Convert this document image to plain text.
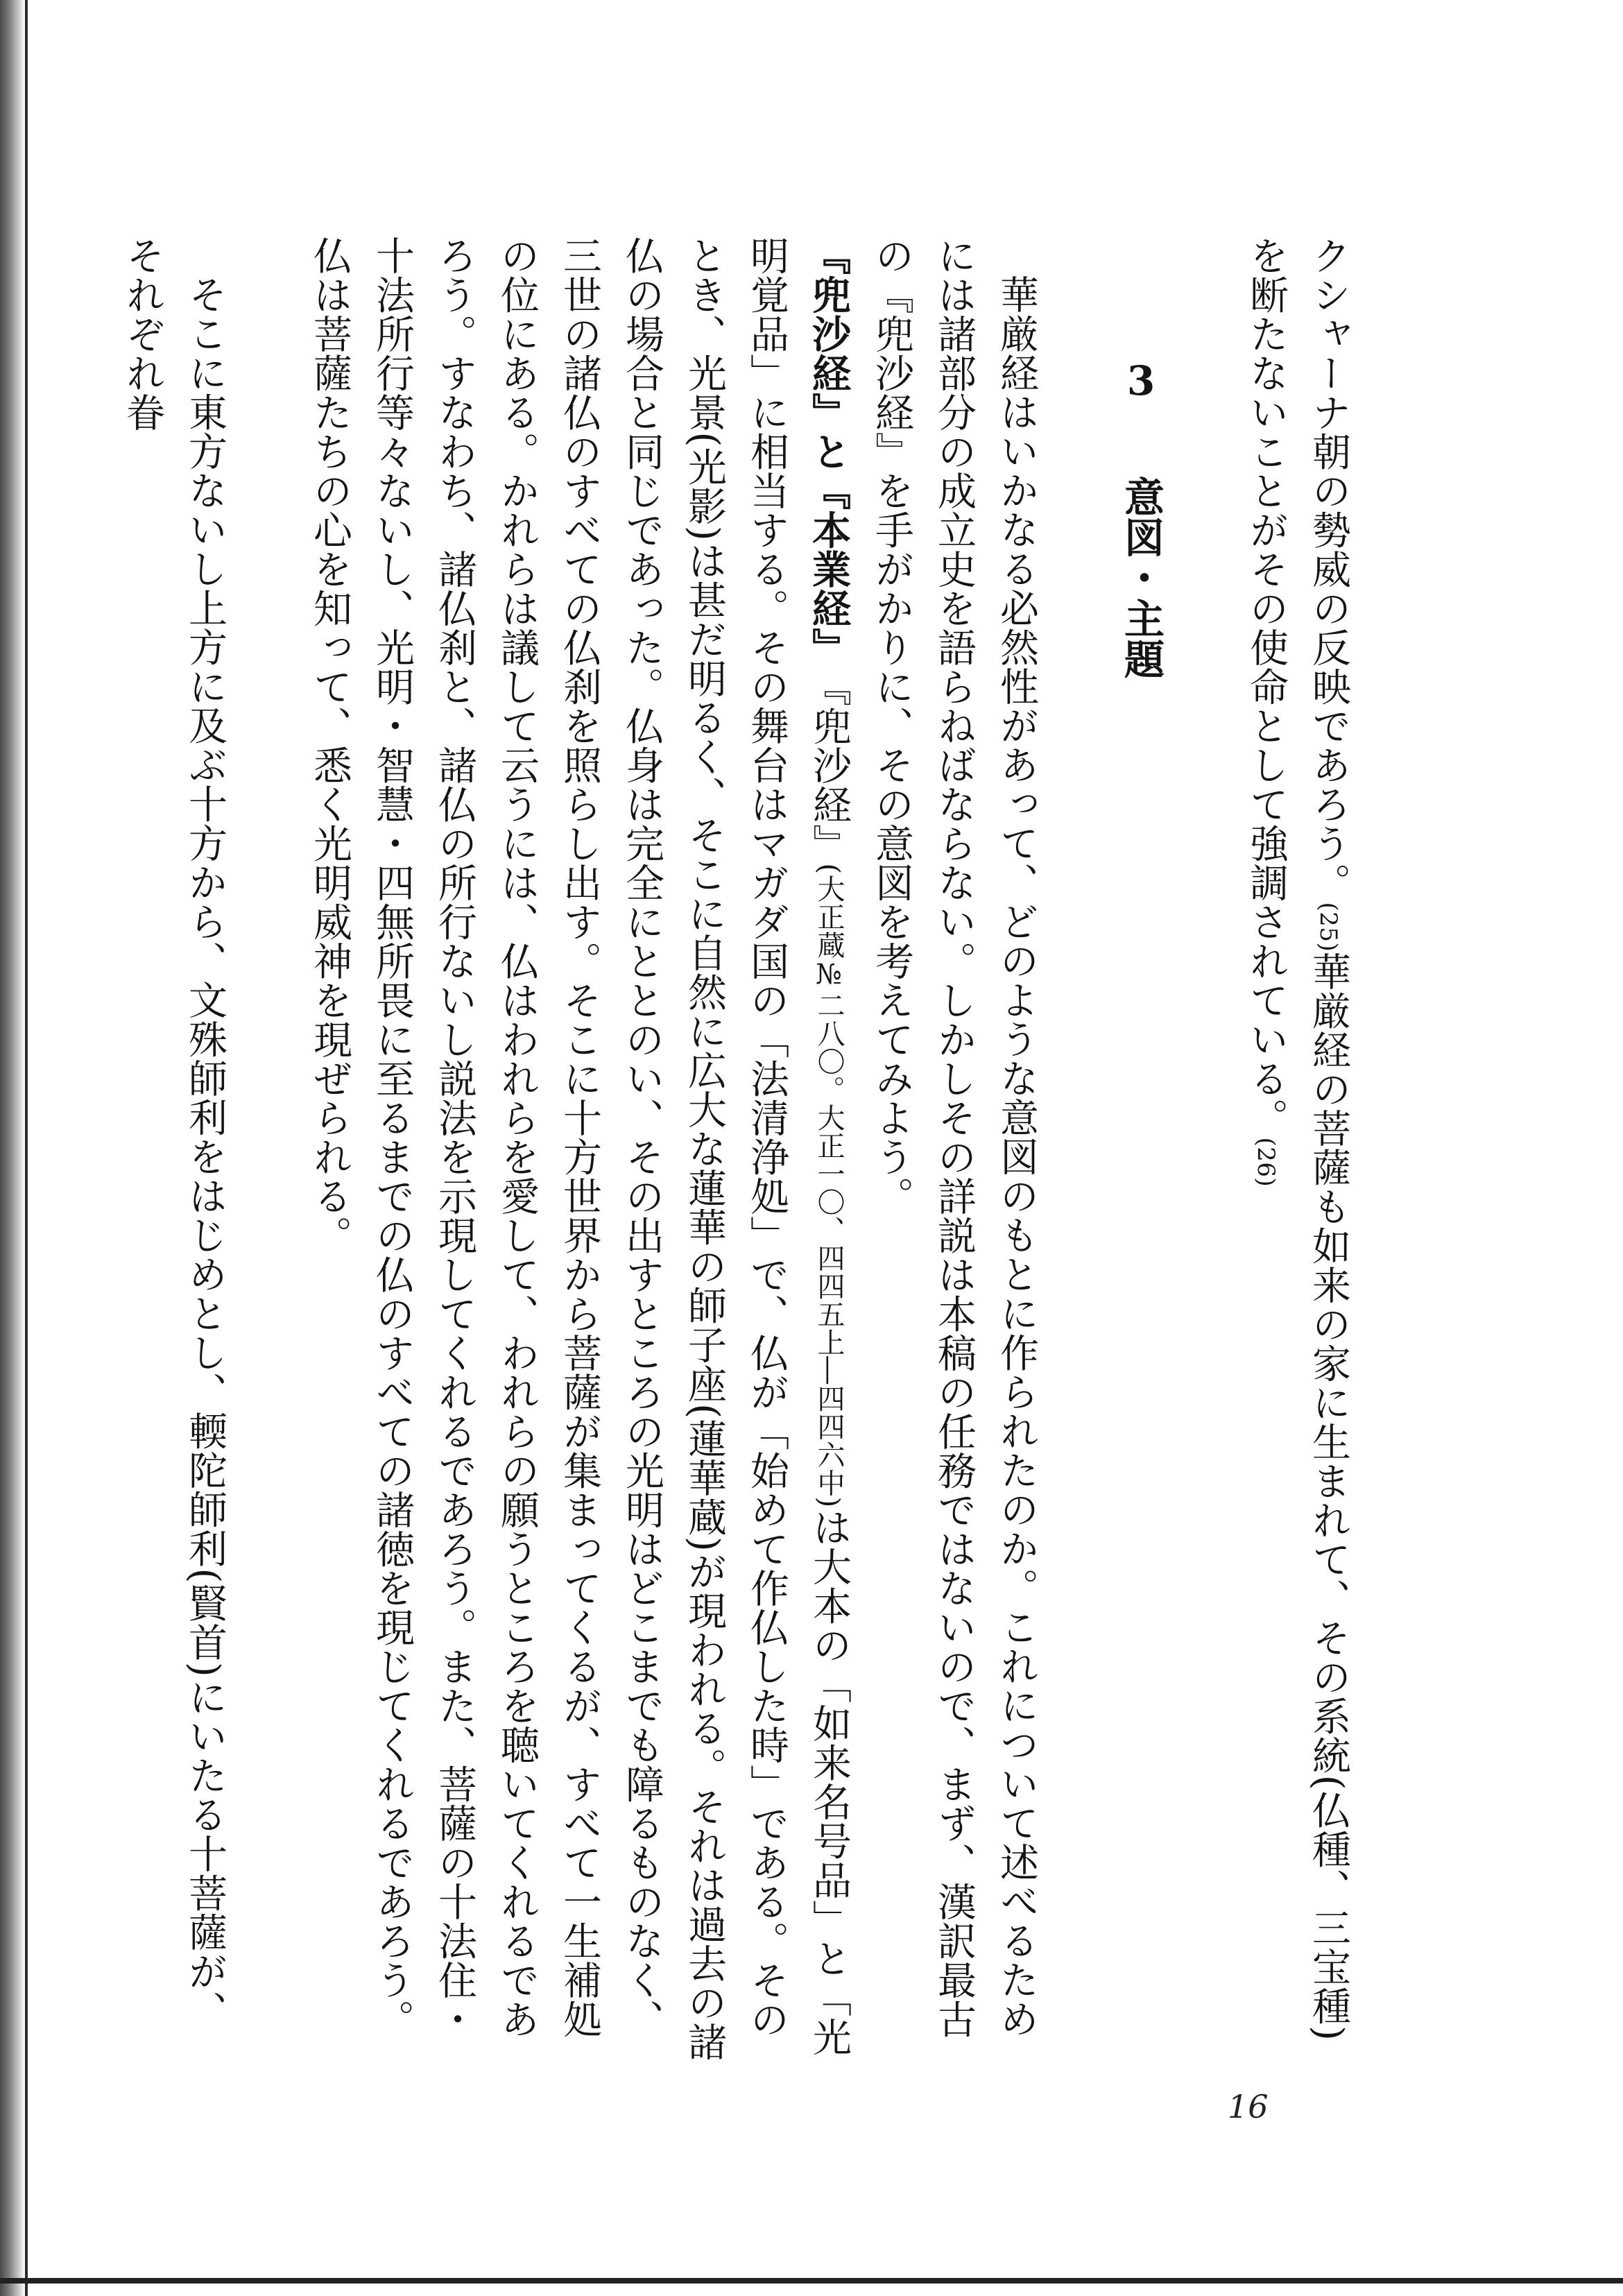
クシャーナ朝の勢威の反映であろう。(25)華厳経の菩薩も如来の家に生まれて、その系統(仏種、三宝種)を断たないことがその使命として強調されている。(26)

3　意図・主題

華厳経はいかなる必然性があって、どのような意図のもとに作られたのか。これについて述べるためには諸部分の成立史を語らねばならない。しかしその詳説は本稿の任務ではないので、まず、漢訳最古の『兜沙経』を手がかりに、その意図を考えてみよう。

『兜沙経』と『本業経』　『兜沙経』(大正蔵№二八〇。大正一〇、四四五上―四四六中)は大本の「如来名号品」と「光明覚品」に相当する。その舞台はマガダ国の「法清浄処」で、仏が「始めて作仏した時」である。そのとき、光景(光影)は甚だ明るく、そこに自然に広大な蓮華の師子座(蓮華蔵)が現われる。それは過去の諸仏の場合と同じであった。仏身は完全にととのい、その出すところの光明はどこまでも障るものなく、三世の諸仏のすべての仏刹を照らし出す。そこに十方世界から菩薩が集まってくるが、すべて一生補処の位にある。かれらは議して云うには、仏はわれらを愛して、われらの願うところを聴いてくれるであろう。すなわち、諸仏刹と、諸仏の所行ないし説法を示現してくれるであろう。また、菩薩の十法住・十法所行等々ないし、光明・智慧・四無所畏に至るまでの仏のすべての諸徳を現じてくれるであろう。仏は菩薩たちの心を知って、悉く光明威神を現ぜられる。

そこに東方ないし上方に及ぶ十方から、文殊師利をはじめとし、輭陀師利(賢首)にいたる十菩薩が、それぞれ眷

16
